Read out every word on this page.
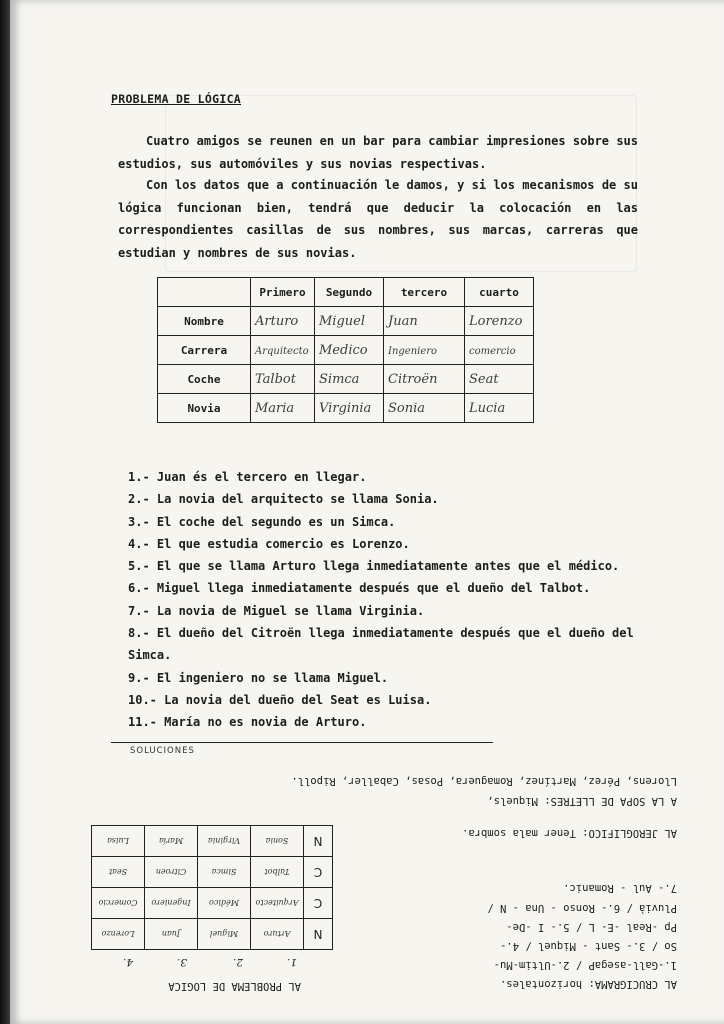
PROBLEMA DE LÓGICA

Cuatro amigos se reunen en un bar para cambiar impresiones sobre sus estudios, sus automóviles y sus novias respectivas.

Con los datos que a continuación le damos, y si los mecanismos de su lógica funcionan bien, tendrá que deducir la colocación en las correspondientes casillas de sus nombres, sus marcas, carreras que estudian y nombres de sus novias.

	Primero	Segundo	tercero	cuarto
Nombre	Arturo	Miguel	Juan	Lorenzo
Carrera	Arquitecto	Medico	Ingeniero	comercio
Coche	Talbot	Simca	Citroën	Seat
Novia	Maria	Virginia	Sonia	Lucia
1.- Juan és el tercero en llegar.
2.- La novia del arquitecto se llama Sonia.
3.- El coche del segundo es un Simca.
4.- El que estudia comercio es Lorenzo.
5.- El que se llama Arturo llega inmediatamente antes que el médico.
6.- Miguel llega inmediatamente después que el dueño del Talbot.
7.- La novia de Miguel se llama Virginia.
8.- El dueño del Citroën llega inmediatamente después que el dueño del Simca.
9.- El ingeniero no se llama Miguel.
10.- La novia del dueño del Seat es Luisa.
11.- María no es novia de Arturo.
SOLUCIONES
AL PROBLEMA DE LOGICA
1.
2.
3.
4.
N	Arturo	Miguel	Juan	Lorenzo
C	Arquitecto	Médico	Ingeniero	Comercio
C	Talbot	Simca	Citroen	Seat
N	Sonia	Virginia	María	Luisa
AL CRUCIGRAMA: horizontales.
1.-Gall-asegaP / 2.-Ultim-Mu-
So / 3.- Sant - Miquel / 4.-
Pp -Real -E- L / 5.- I -De-
Pluvià / 6.- Ronso - Una - N /
7.- Aul - Romanic.
AL JEROGLIFICO: Tener mala sombra.
A LA SOPA DE LLETRES: Miquels,
Llorens, Pérez, Martínez, Romaguera, Posas, Caballer, Ripoll.
